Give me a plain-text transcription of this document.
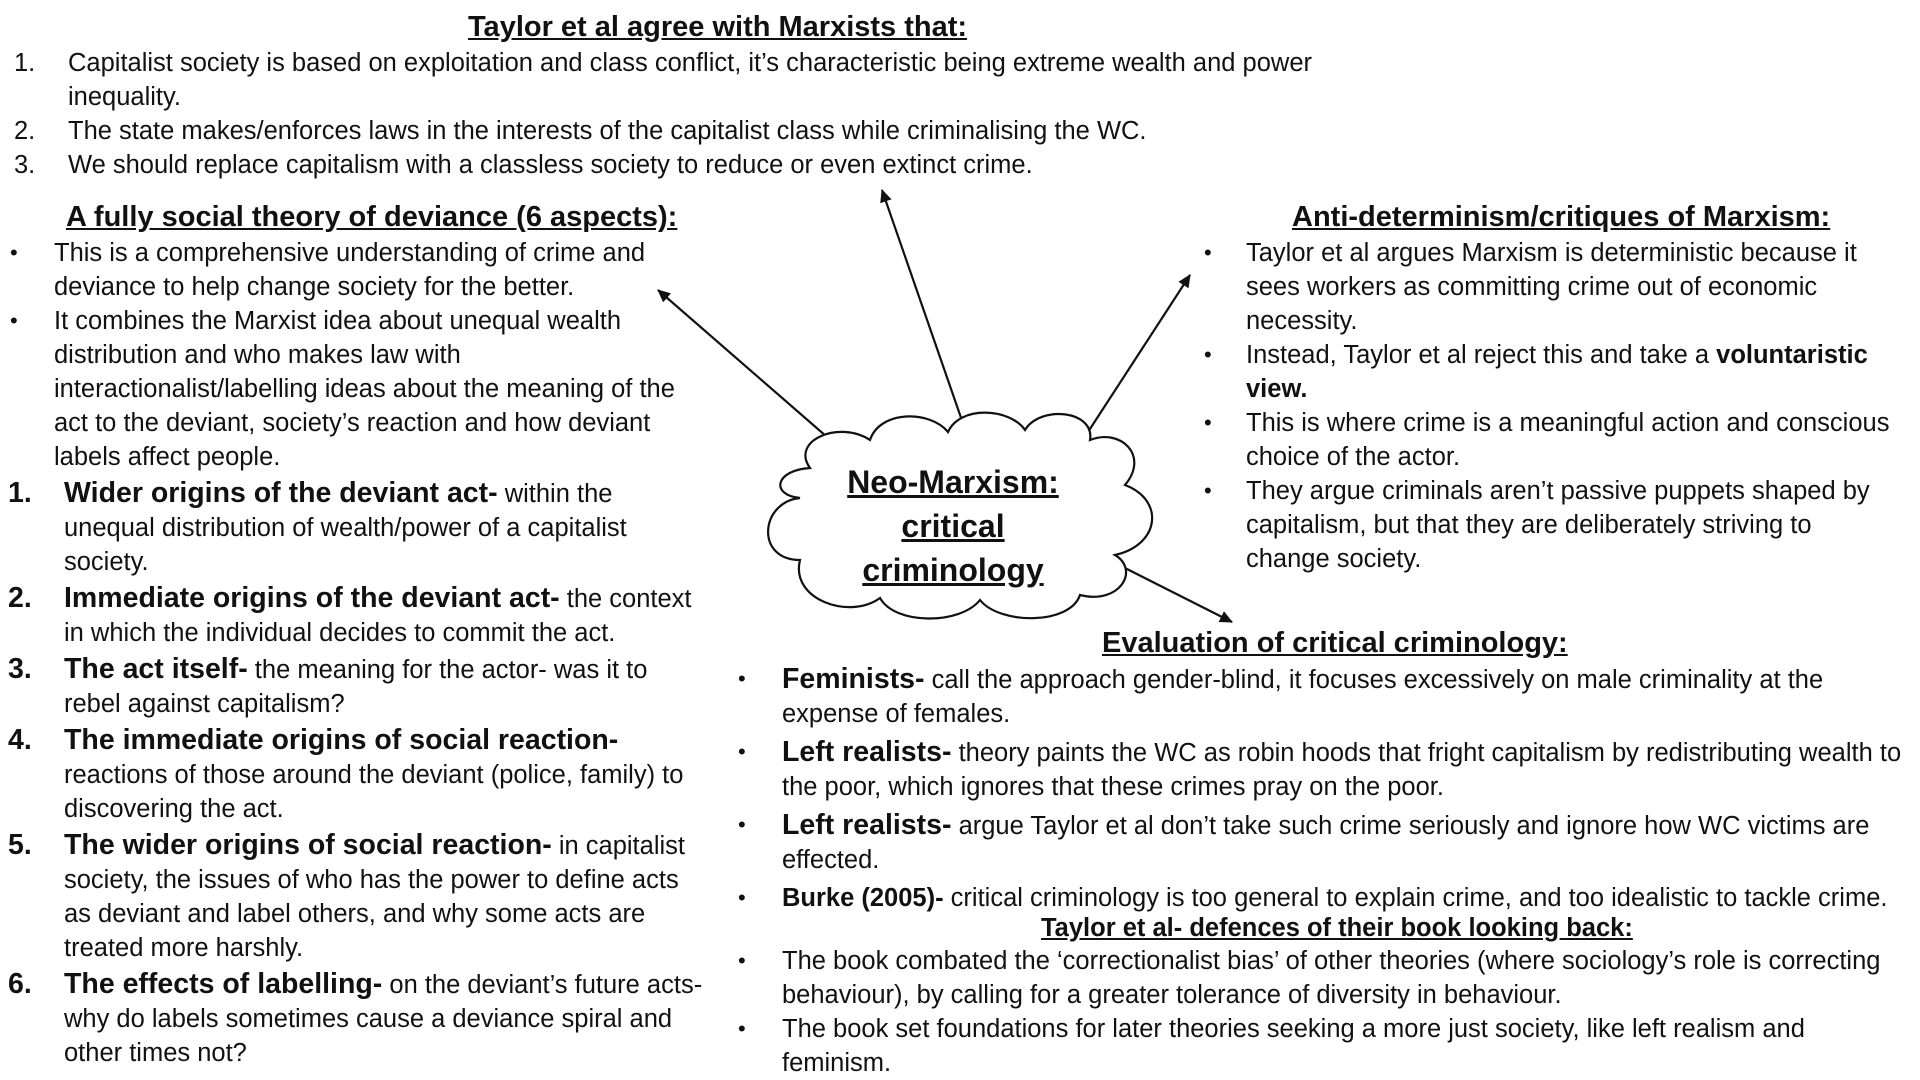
Taylor et al agree with Marxists that:
1. Capitalist society is based on exploitation and class conflict, it’s characteristic being extreme wealth and power inequality.
2. The state makes/enforces laws in the interests of the capitalist class while criminalising the WC.
3. We should replace capitalism with a classless society to reduce or even extinct crime.
A fully social theory of deviance (6 aspects):
• This is a comprehensive understanding of crime and deviance to help change society for the better.
• It combines the Marxist idea about unequal wealth distribution and who makes law with interactionalist/labelling ideas about the meaning of the act to the deviant, society’s reaction and how deviant labels affect people.
1. Wider origins of the deviant act- within the unequal distribution of wealth/power of a capitalist society.
2. Immediate origins of the deviant act- the context in which the individual decides to commit the act.
3. The act itself- the meaning for the actor- was it to rebel against capitalism?
4. The immediate origins of social reaction- reactions of those around the deviant (police, family) to discovering the act.
5. The wider origins of social reaction- in capitalist society, the issues of who has the power to define acts as deviant and label others, and why some acts are treated more harshly.
6. The effects of labelling- on the deviant’s future acts- why do labels sometimes cause a deviance spiral and other times not?
Neo-Marxism:
critical
criminology
Anti-determinism/critiques of Marxism:
• Taylor et al argues Marxism is deterministic because it sees workers as committing crime out of economic necessity.
• Instead, Taylor et al reject this and take a voluntaristic view.
• This is where crime is a meaningful action and conscious choice of the actor.
• They argue criminals aren’t passive puppets shaped by capitalism, but that they are deliberately striving to change society.
Evaluation of critical criminology:
• Feminists- call the approach gender-blind, it focuses excessively on male criminality at the expense of females.
• Left realists- theory paints the WC as robin hoods that fright capitalism by redistributing wealth to the poor, which ignores that these crimes pray on the poor.
• Left realists- argue Taylor et al don’t take such crime seriously and ignore how WC victims are effected.
• Burke (2005)- critical criminology is too general to explain crime, and too idealistic to tackle crime.
Taylor et al- defences of their book looking back:
• The book combated the ‘correctionalist bias’ of other theories (where sociology’s role is correcting behaviour), by calling for a greater tolerance of diversity in behaviour.
• The book set foundations for later theories seeking a more just society, like left realism and feminism.
